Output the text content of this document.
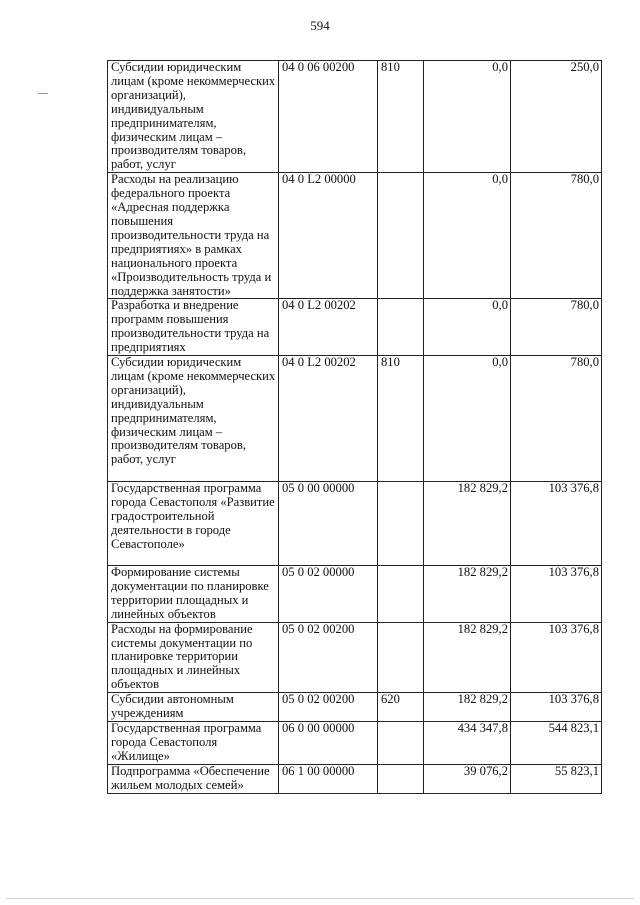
594
Субсидии юридическим лицам (кроме некоммерческих организаций), индивидуальным предпринимателям, физическим лицам – производителям товаров, работ, услуг	04 0 06 00200	810	0,0	250,0
Расходы на реализацию федерального проекта «Адресная поддержка повышения производительности труда на предприятиях» в рамках национального проекта «Производительность труда и поддержка занятости»	04 0 L2 00000		0,0	780,0
Разработка и внедрение программ повышения производительности труда на предприятиях	04 0 L2 00202		0,0	780,0
Субсидии юридическим лицам (кроме некоммерческих организаций), индивидуальным предпринимателям, физическим лицам – производителям товаров, работ, услуг	04 0 L2 00202	810	0,0	780,0
Государственная программа города Севастополя «Развитие градостроительной деятельности в городе Севастополе»	05 0 00 00000		182 829,2	103 376,8
Формирование системы документации по планировке территории площадных и линейных объектов	05 0 02 00000		182 829,2	103 376,8
Расходы на формирование системы документации по планировке территории площадных и линейных объектов	05 0 02 00200		182 829,2	103 376,8
Субсидии автономным учреждениям	05 0 02 00200	620	182 829,2	103 376,8
Государственная программа города Севастополя «Жилище»	06 0 00 00000		434 347,8	544 823,1
Подпрограмма «Обеспечение жильем молодых семей»	06 1 00 00000		39 076,2	55 823,1
